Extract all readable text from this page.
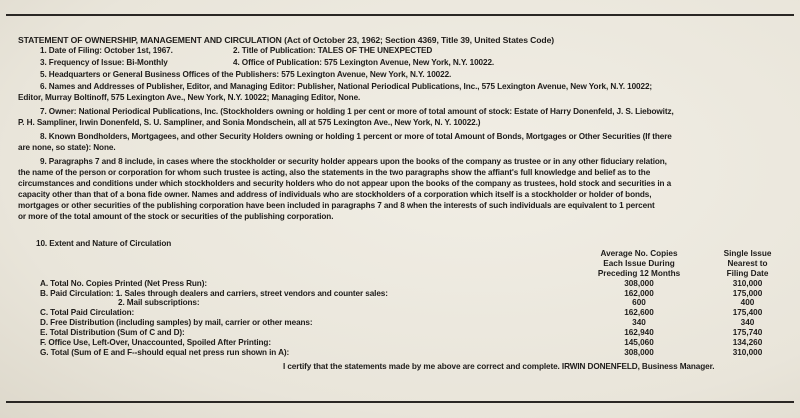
STATEMENT OF OWNERSHIP, MANAGEMENT AND CIRCULATION (Act of October 23, 1962; Section 4369, Title 39, United States Code)
1. Date of Filing: October 1st, 1967.	2. Title of Publication: TALES OF THE UNEXPECTED
3. Frequency of Issue: Bi-Monthly	4. Office of Publication: 575 Lexington Avenue, New York, N.Y. 10022.
5. Headquarters or General Business Offices of the Publishers: 575 Lexington Avenue, New York, N.Y. 10022.
6. Names and Addresses of Publisher, Editor, and Managing Editor: Publisher, National Periodical Publications, Inc., 575 Lexington Avenue, New York, N.Y. 10022;
Editor, Murray Boltinoff, 575 Lexington Ave., New York, N.Y. 10022; Managing Editor, None.
7. Owner: National Periodical Publications, Inc. (Stockholders owning or holding 1 per cent or more of total amount of stock: Estate of Harry Donenfeld, J. S. Liebowitz,
P. H. Sampliner, Irwin Donenfeld, S. U. Sampliner, and Sonia Mondschein, all at 575 Lexington Ave., New York, N. Y. 10022.)
8. Known Bondholders, Mortgagees, and other Security Holders owning or holding 1 percent or more of total Amount of Bonds, Mortgages or Other Securities (If there
are none, so state): None.
9. Paragraphs 7 and 8 include, in cases where the stockholder or security holder appears upon the books of the company as trustee or in any other fiduciary relation,
the name of the person or corporation for whom such trustee is acting, also the statements in the two paragraphs show the affiant's full knowledge and belief as to the
circumstances and conditions under which stockholders and security holders who do not appear upon the books of the company as trustees, hold stock and securities in a
capacity other than that of a bona fide owner. Names and address of individuals who are stockholders of a corporation which itself is a stockholder or holder of bonds,
mortgages or other securities of the publishing corporation have been included in paragraphs 7 and 8 when the interests of such individuals are equivalent to 1 percent
or more of the total amount of the stock or securities of the publishing corporation.
10. Extent and Nature of Circulation
Average No. Copies
Each Issue During
Preceding 12 Months
Single Issue
Nearest to
Filing Date
A. Total No. Copies Printed (Net Press Run):	308,000	310,000
B. Paid Circulation: 1. Sales through dealers and carriers, street vendors and counter sales:	162,000	175,000
2. Mail subscriptions:	600	400
C. Total Paid Circulation:	162,600	175,400
D. Free Distribution (including samples) by mail, carrier or other means:	340	340
E. Total Distribution (Sum of C and D):	162,940	175,740
F. Office Use, Left-Over, Unaccounted, Spoiled After Printing:	145,060	134,260
G. Total (Sum of E and F--should equal net press run shown in A):	308,000	310,000
I certify that the statements made by me above are correct and complete. IRWIN DONENFELD, Business Manager.
